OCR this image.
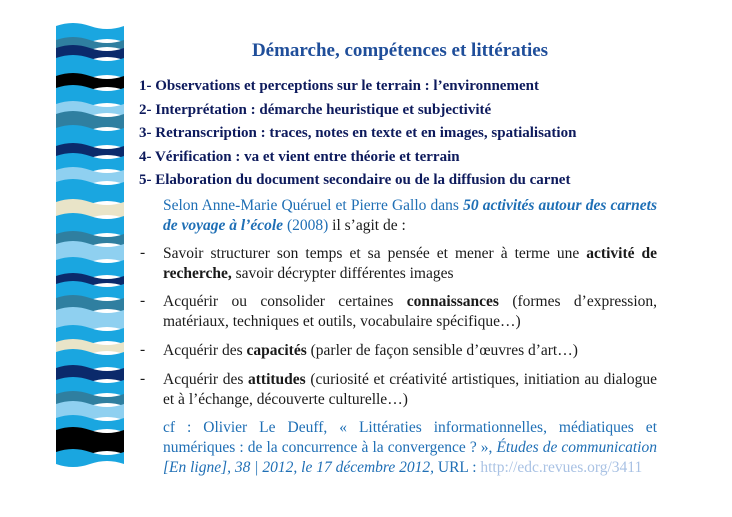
Démarche, compétences et littératies
1- Observations et perceptions sur le terrain : l’environnement
2- Interprétation : démarche heuristique et subjectivité
3- Retranscription : traces, notes en texte et en images, spatialisation
4- Vérification : va et vient entre théorie et terrain
5- Elaboration du document secondaire ou de la diffusion du carnet
Selon Anne-Marie Quéruel et Pierre Gallo dans 50 activités autour des carnets de voyage à l’école (2008) il s’agit de :
- Savoir structurer son temps et sa pensée et mener à terme une activité de recherche, savoir décrypter différentes images
- Acquérir ou consolider certaines connaissances (formes d’expression, matériaux, techniques et outils, vocabulaire spécifique…)
- Acquérir des capacités (parler de façon sensible d’œuvres d’art…)
- Acquérir des attitudes (curiosité et créativité artistiques, initiation au dialogue et à l’échange, découverte culturelle…)
cf : Olivier Le Deuff, « Littératies informationnelles, médiatiques et numériques : de la concurrence à la convergence ? », Études de communication [En ligne], 38 | 2012, le 17 décembre 2012, URL : http://edc.revues.org/3411
